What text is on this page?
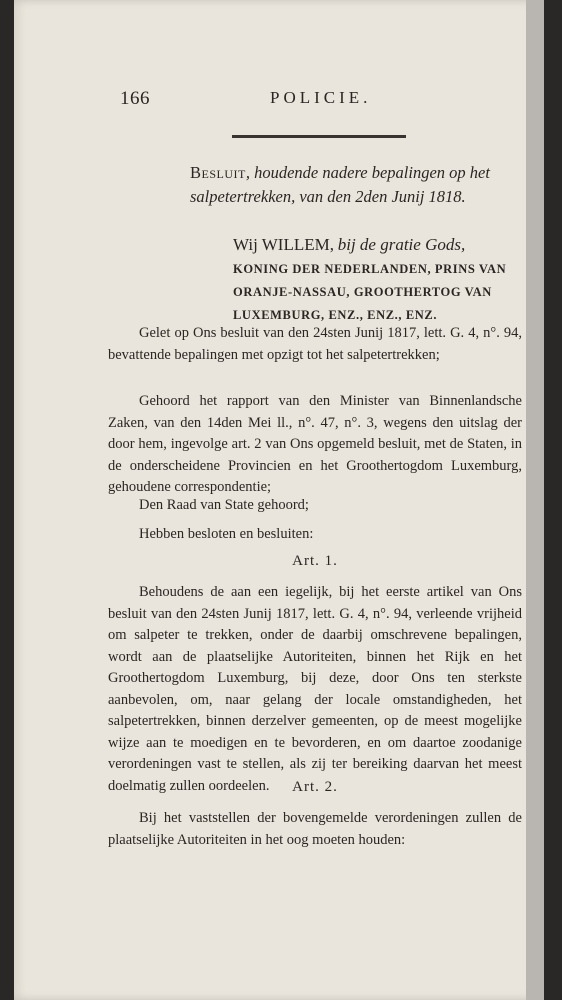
166	POLICIE.
Besluit, houdende nadere bepalingen op het salpetertrekken, van den 2den Junij 1818.
Wij WILLEM, bij de gratie Gods, KONING DER NEDERLANDEN, PRINS VAN ORANJE-NASSAU, GROOTHERTOG VAN LUXEMBURG, ENZ., ENZ., ENZ.

Gelet op Ons besluit van den 24sten Junij 1817, lett. G. 4, n°. 94, bevattende bepalingen met opzigt tot het salpetertrekken;

Gehoord het rapport van den Minister van Binnenlandsche Zaken, van den 14den Mei ll., n°. 47, n°. 3, wegens den uitslag der door hem, ingevolge art. 2 van Ons opgemeld besluit, met de Staten, in de onderscheidene Provincien en het Groothertogdom Luxemburg, gehoudene correspondentie;

Den Raad van State gehoord;

Hebben besloten en besluiten:

Art. 1.

Behoudens de aan een iegelijk, bij het eerste artikel van Ons besluit van den 24sten Junij 1817, lett. G. 4, n°. 94, verleende vrijheid om salpeter te trekken, onder de daarbij omschrevene bepalingen, wordt aan de plaatselijke Autoriteiten, binnen het Rijk en het Groothertogdom Luxemburg, bij deze, door Ons ten sterkste aanbevolen, om, naar gelang der locale omstandigheden, het salpetertrekken, binnen derzelver gemeenten, op de meest mogelijke wijze aan te moedigen en te bevorderen, en om daartoe zoodanige verordeningen vast te stellen, als zij ter bereiking daarvan het meest doelmatig zullen oordeelen.	Art. 2.

Bij het vaststellen der bovengemelde verordeningen zullen de plaatselijke Autoriteiten in het oog moeten houden:
